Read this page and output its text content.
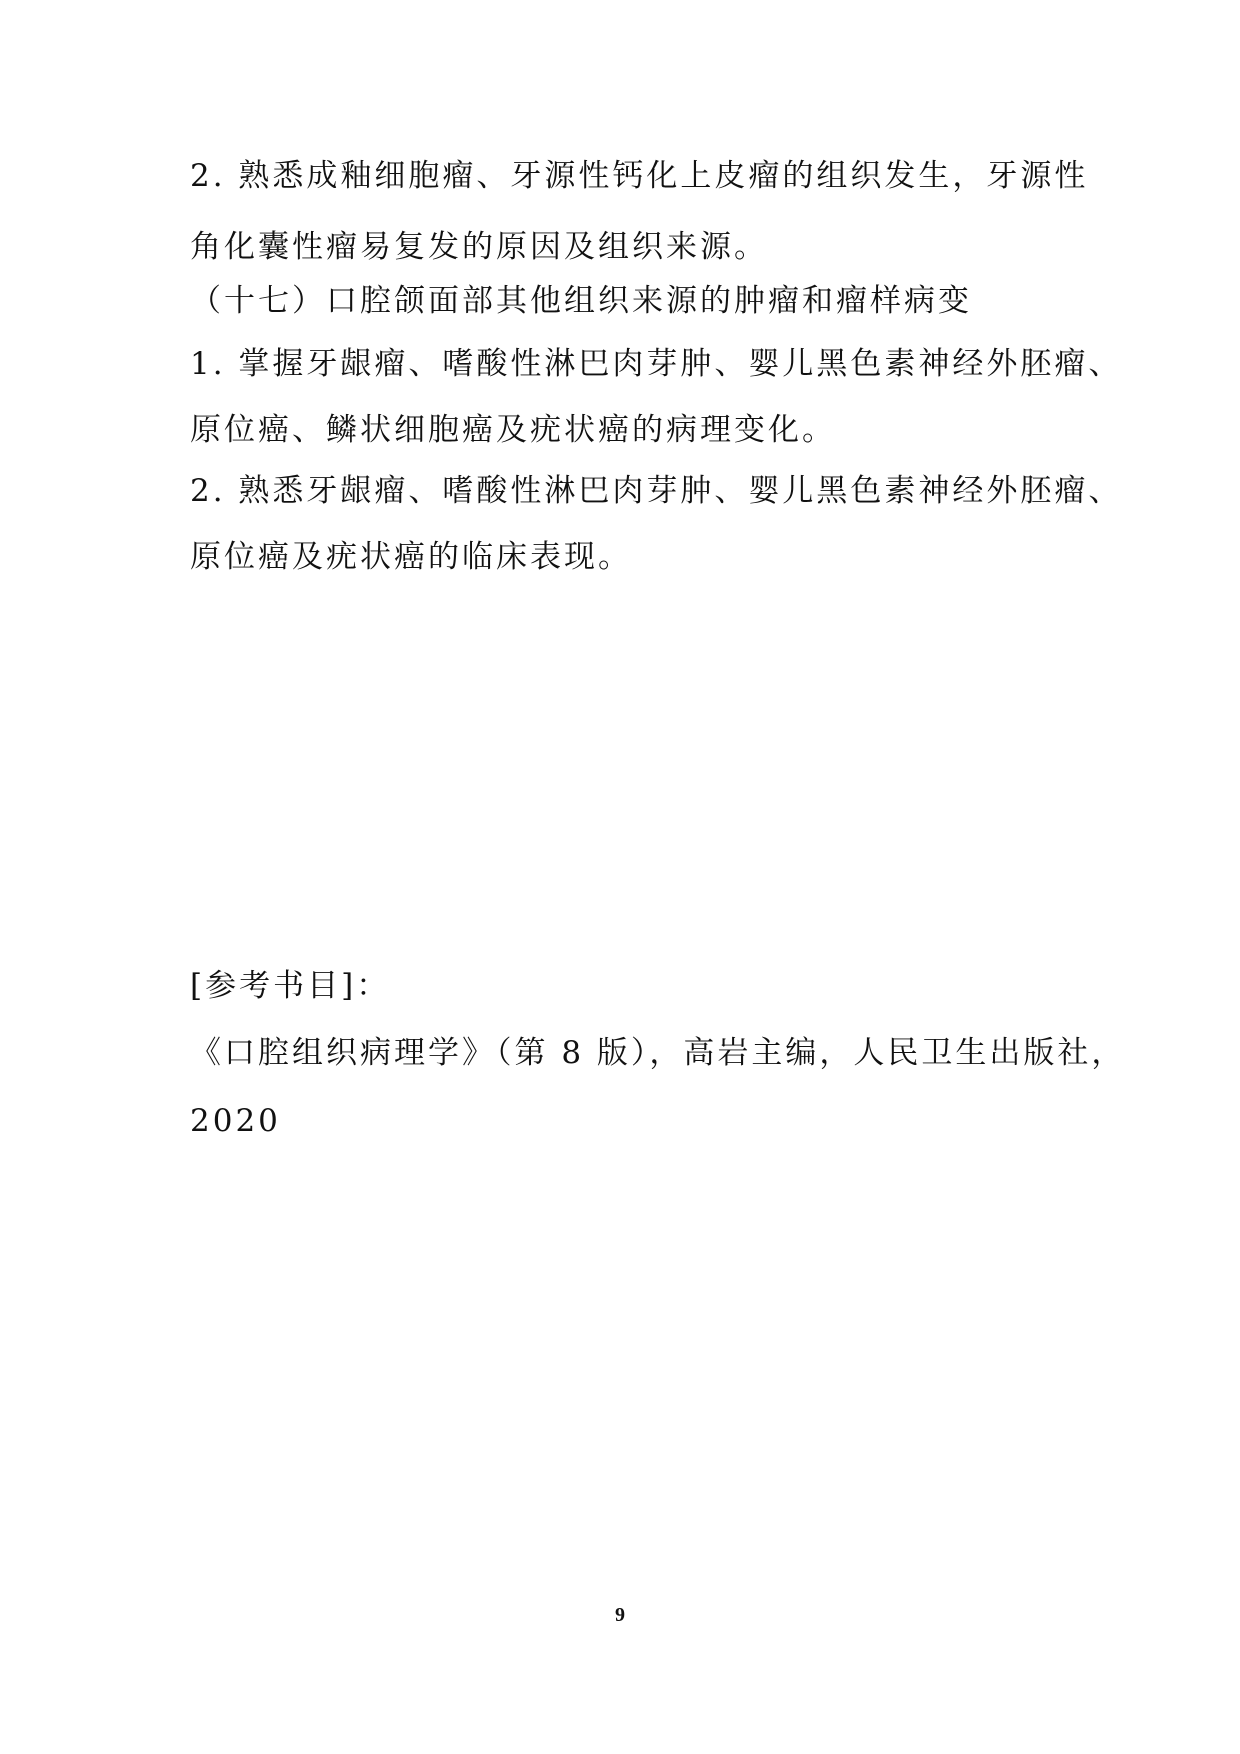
2. 熟悉成釉细胞瘤、牙源性钙化上皮瘤的组织发生，牙源性
角化囊性瘤易复发的原因及组织来源。
（十七）口腔颌面部其他组织来源的肿瘤和瘤样病变
1. 掌握牙龈瘤、嗜酸性淋巴肉芽肿、婴儿黑色素神经外胚瘤、
原位癌、鳞状细胞癌及疣状癌的病理变化。
2. 熟悉牙龈瘤、嗜酸性淋巴肉芽肿、婴儿黑色素神经外胚瘤、
原位癌及疣状癌的临床表现。
[参考书目]：
《口腔组织病理学》（第 8 版），高岩主编，人民卫生出版社，
2020
9
